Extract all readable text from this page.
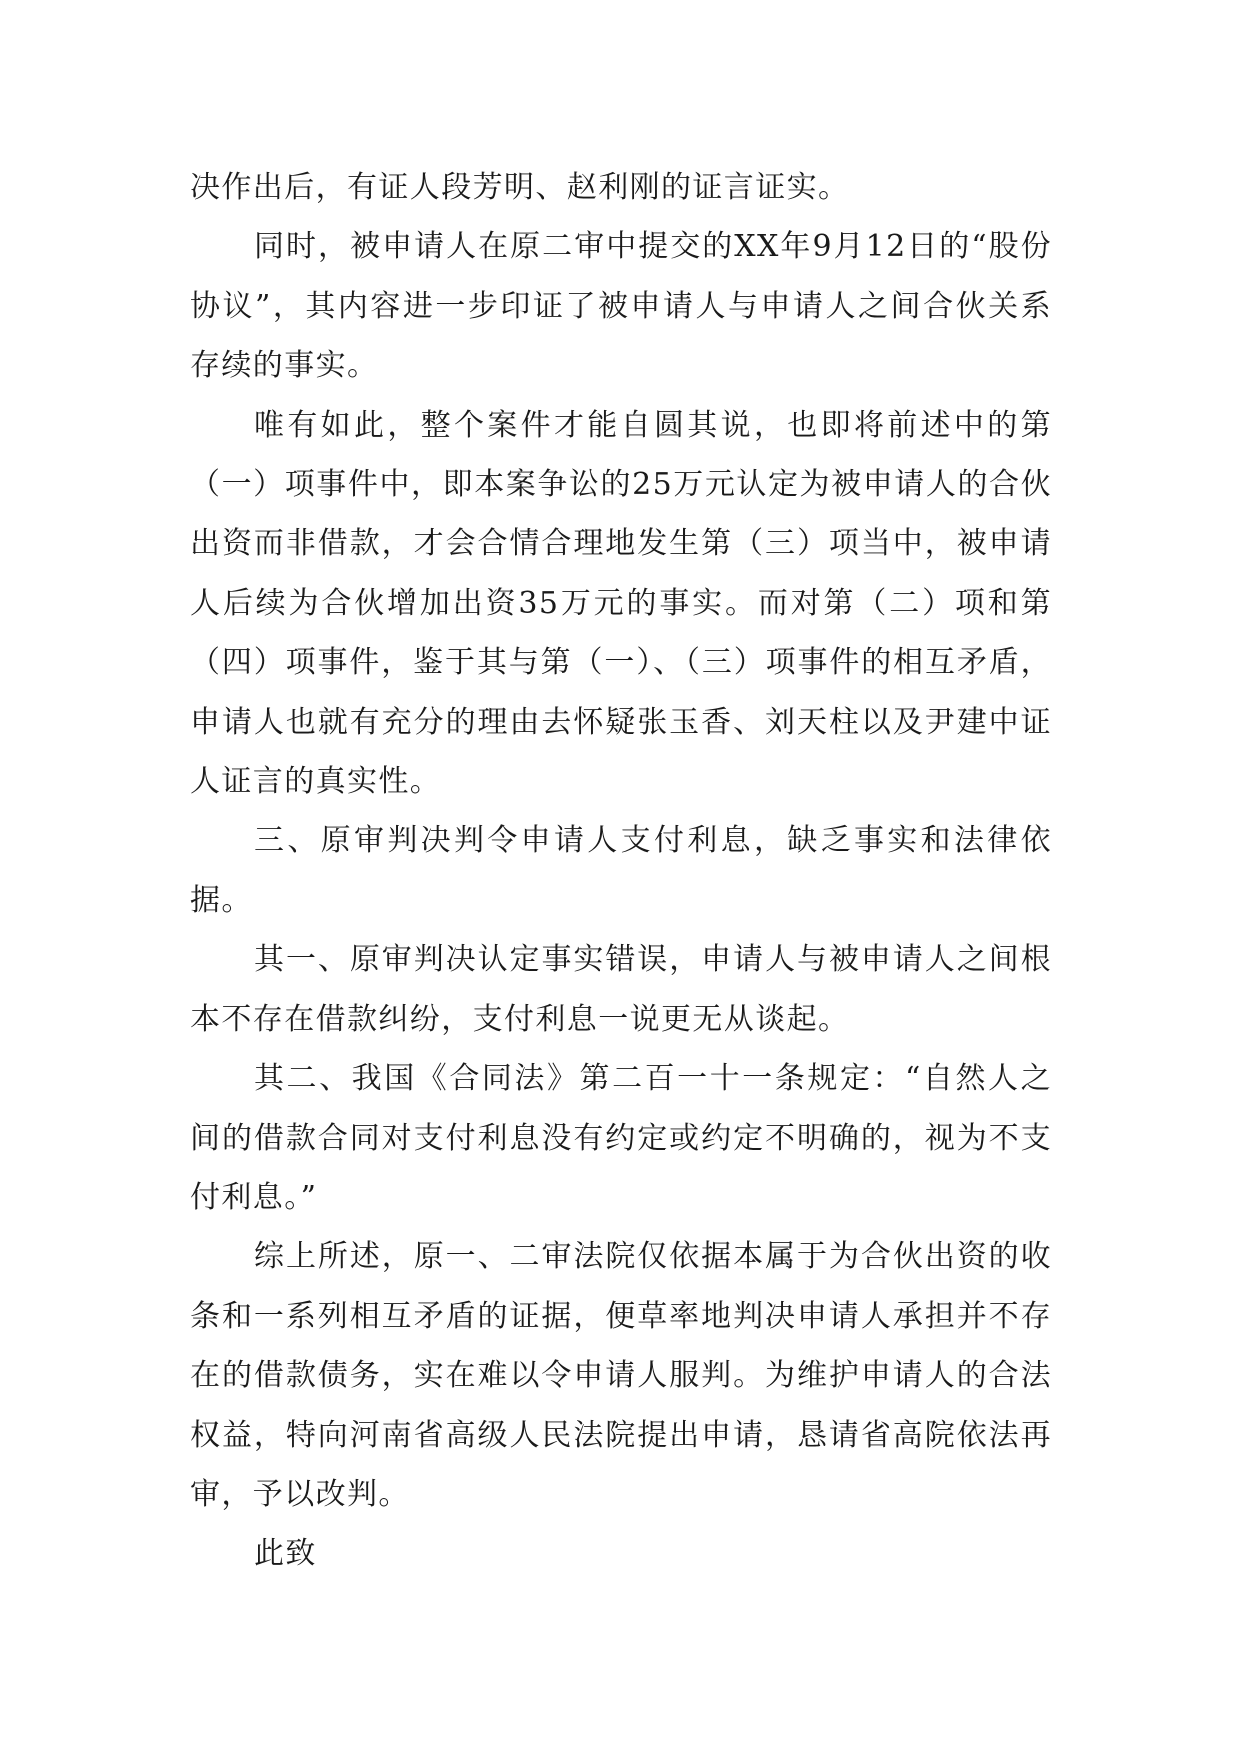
决作出后，有证人段芳明、赵利刚的证言证实。

同时，被申请人在原二审中提交的XX年9月12日的“股份协议”，其内容进一步印证了被申请人与申请人之间合伙关系存续的事实。

唯有如此，整个案件才能自圆其说，也即将前述中的第（一）项事件中，即本案争讼的25万元认定为被申请人的合伙出资而非借款，才会合情合理地发生第（三）项当中，被申请人后续为合伙增加出资35万元的事实。而对第（二）项和第（四）项事件，鉴于其与第（一）、（三）项事件的相互矛盾，申请人也就有充分的理由去怀疑张玉香、刘天柱以及尹建中证人证言的真实性。

三、原审判决判令申请人支付利息，缺乏事实和法律依据。

其一、原审判决认定事实错误，申请人与被申请人之间根本不存在借款纠纷，支付利息一说更无从谈起。

其二、我国《合同法》第二百一十一条规定：“自然人之间的借款合同对支付利息没有约定或约定不明确的，视为不支付利息。”

综上所述，原一、二审法院仅依据本属于为合伙出资的收条和一系列相互矛盾的证据，便草率地判决申请人承担并不存在的借款债务，实在难以令申请人服判。为维护申请人的合法权益，特向河南省高级人民法院提出申请，恳请省高院依法再审，予以改判。

此致
